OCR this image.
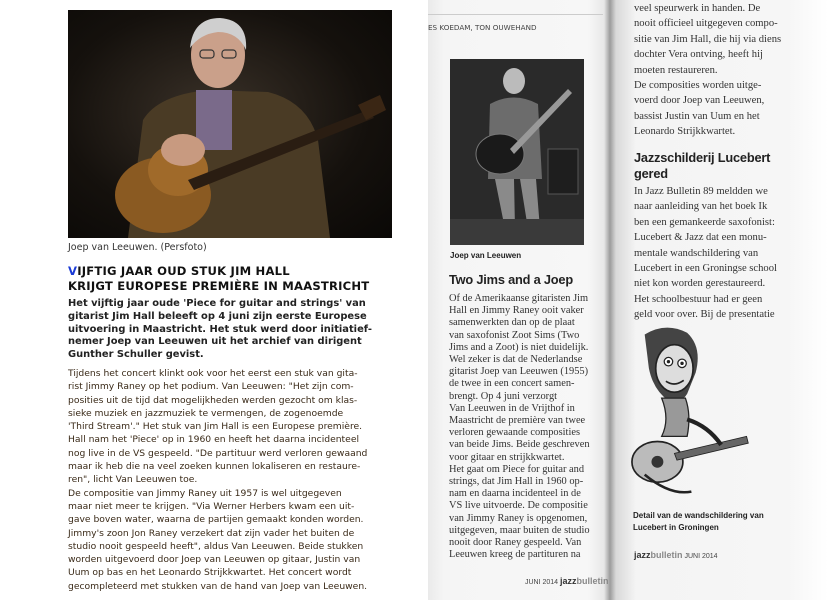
Joep van Leeuwen. (Persfoto)
VIJFTIG JAAR OUD STUK JIM HALL
KRIJGT EUROPESE PREMIÈRE IN MAASTRICHT
Het vijftig jaar oude 'Piece for guitar and strings' van
gitarist Jim Hall beleeft op 4 juni zijn eerste Europese
uitvoering in Maastricht. Het stuk werd door initiatief-
nemer Joep van Leeuwen uit het archief van dirigent
Gunther Schuller gevist.
Tijdens het concert klinkt ook voor het eerst een stuk van gita-
rist Jimmy Raney op het podium. Van Leeuwen: "Het zijn com-
posities uit de tijd dat mogelijkheden werden gezocht om klas-
sieke muziek en jazzmuziek te vermengen, de zogenoemde
'Third Stream'." Het stuk van Jim Hall is een Europese première.
Hall nam het 'Piece' op in 1960 en heeft het daarna incidenteel
nog live in de VS gespeeld. "De partituur werd verloren gewaand
maar ik heb die na veel zoeken kunnen lokaliseren en restaure-
ren", licht Van Leeuwen toe.
De compositie van Jimmy Raney uit 1957 is wel uitgegeven
maar niet meer te krijgen. "Via Werner Herbers kwam een uit-
gave boven water, waarna de partijen gemaakt konden worden.
Jimmy's zoon Jon Raney verzekert dat zijn vader het buiten de
studio nooit gespeeld heeft", aldus Van Leeuwen. Beide stukken
worden uitgevoerd door Joep van Leeuwen op gitaar, Justin van
Uum op bas en het Leonardo Strijkkwartet. Het concert wordt
gecompleteerd met stukken van de hand van Joep van Leeuwen.
ES KOEDAM, TON OUWEHAND
Joep van Leeuwen
Two Jims and a Joep
Of de Amerikaanse gitaristen Jim
Hall en Jimmy Raney ooit vaker
samenwerkten dan op de plaat
van saxofonist Zoot Sims (Two
Jims and a Zoot) is niet duidelijk.
Wel zeker is dat de Nederlandse
gitarist Joep van Leeuwen (1955)
de twee in een concert samen-
brengt. Op 4 juni verzorgt
Van Leeuwen in de Vrijthof in
Maastricht de première van twee
verloren gewaande composities
van beide Jims. Beide geschreven
voor gitaar en strijkkwartet.
Het gaat om Piece for guitar and
strings, dat Jim Hall in 1960 op-
nam en daarna incidenteel in de
VS live uitvoerde. De compositie
van Jimmy Raney is opgenomen,
uitgegeven, maar buiten de studio
nooit door Raney gespeeld. Van
Leeuwen kreeg de partituren na
JUNI 2014 jazzbulletin
veel speurwerk in handen. De
nooit officieel uitgegeven compo-
sitie van Jim Hall, die hij via diens
dochter Vera ontving, heeft hij
moeten restaureren.
De composities worden uitge-
voerd door Joep van Leeuwen,
bassist Justin van Uum en het
Leonardo Strijkkwartet.
Jazzschilderij Lucebert
gered
In Jazz Bulletin 89 meldden we
naar aanleiding van het boek Ik
ben een gemankeerde saxofonist:
Lucebert & Jazz dat een monu-
mentale wandschildering van
Lucebert in een Groningse school
niet kon worden gerestaureerd.
Het schoolbestuur had er geen
geld voor over. Bij de presentatie
Detail van de wandschildering van
Lucebert in Groningen
jazzbulletin JUNI 2014
